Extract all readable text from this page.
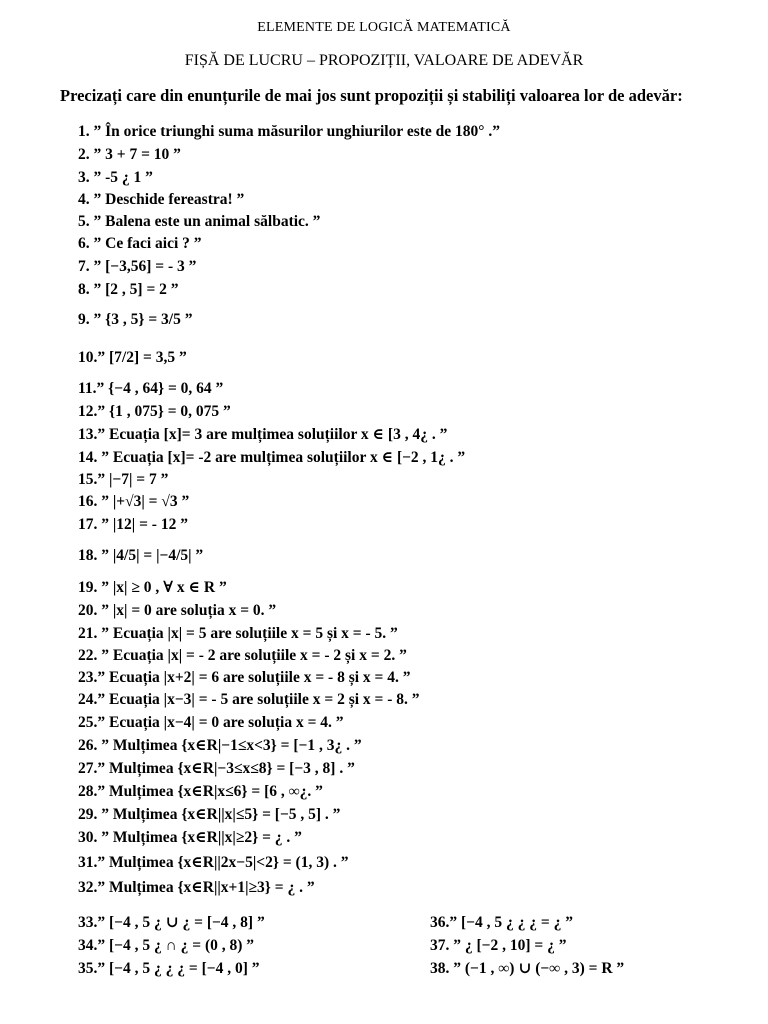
ELEMENTE DE LOGICĂ MATEMATICĂ
FIȘĂ DE LUCRU – PROPOZIȚII, VALOARE DE ADEVĂR
Precizați care din enunțurile de mai jos sunt propoziții și stabiliți valoarea lor de adevăr:
1. ” În orice triunghi suma măsurilor unghiurilor este de 180° .”
2. ” 3 + 7 = 10 ”
3. ” -5 ¿ 1 ”
4. ” Deschide fereastra! ”
5. ” Balena este un animal sălbatic. ”
6. ” Ce faci aici ? ”
7. ” [−3,56] = - 3 ”
8. ” [2 , 5] = 2 ”
9. ” {3 , 5} = 3/5 ”
10.” [7/2] = 3,5 ”
11.” {−4 , 64} = 0, 64 ”
12.” {1 , 075} = 0, 075 ”
13.” Ecuația [x]= 3 are mulțimea soluțiilor x ∈ [3 , 4¿ . ”
14. ” Ecuația [x]= -2 are mulțimea soluțiilor x ∈ [−2 , 1¿ . ”
15.” |−7| = 7 ”
16. ” |+√3| = √3 ”
17. ” |12| = - 12 ”
18. ” |4/5| = |−4/5| ”
19. ” |x| ≥ 0 , ∀ x ∈ R ”
20. ” |x| = 0 are soluția x = 0. ”
21. ” Ecuația |x| = 5 are soluțiile x = 5 și x = - 5. ”
22. ” Ecuația |x| = - 2 are soluțiile x = - 2 și x = 2. ”
23.” Ecuația |x+2| = 6 are soluțiile x = - 8 și x = 4. ”
24.” Ecuația |x−3| = - 5 are soluțiile x = 2 și x = - 8. ”
25.” Ecuația |x−4| = 0 are soluția x = 4. ”
26. ” Mulțimea {x∈R|−1≤x<3} = [−1 , 3¿ . ”
27.” Mulțimea {x∈R|−3≤x≤8} = [−3 , 8] . ”
28.” Mulțimea {x∈R|x≤6} = [6 , ∞¿. ”
29. ” Mulțimea {x∈R||x|≤5} = [−5 , 5] . ”
30. ” Mulțimea {x∈R||x|≥2} = ¿ . ”
31.” Mulțimea {x∈R||2x−5|<2} = (1, 3) . ”
32.” Mulțimea {x∈R||x+1|≥3} = ¿ . ”
33.” [−4 , 5 ¿ ∪ ¿ = [−4 , 8] ”
34.” [−4 , 5 ¿ ∩ ¿ = (0 , 8) ”
35.” [−4 , 5 ¿ ¿ ¿ = [−4 , 0] ”
36.” [−4 , 5 ¿ ¿ ¿ = ¿ ”
37. ” ¿ [−2 , 10] = ¿ ”
38. ” (−1 , ∞) ∪ (−∞ , 3) = R ”
